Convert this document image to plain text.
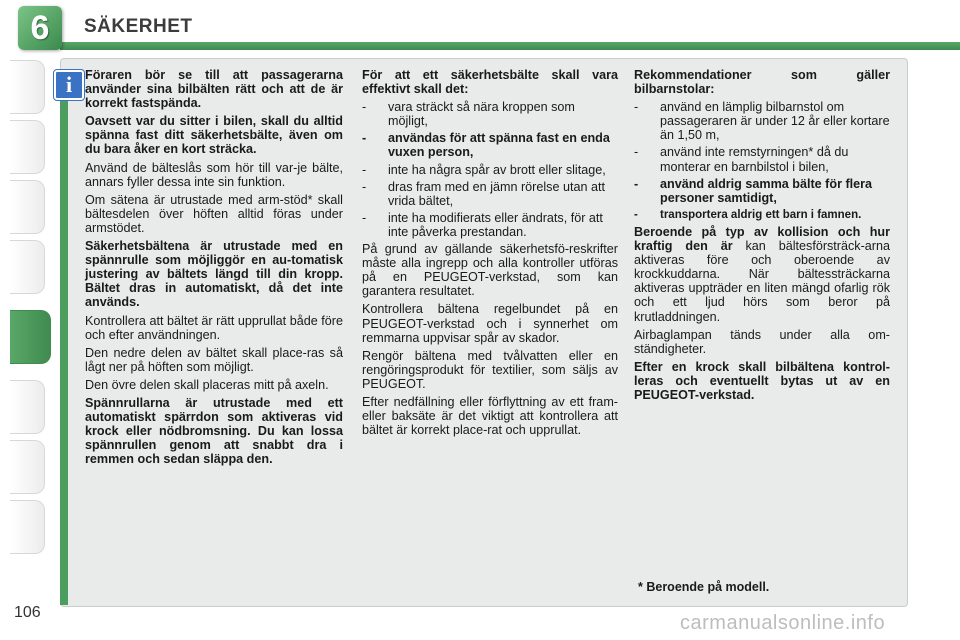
6	SÄKERHET
i	Föraren bör se till att passagerarna använder sina bilbälten rätt och att de är korrekt fastspända.

Oavsett var du sitter i bilen, skall du alltid spänna fast ditt säkerhetsbälte, även om du bara åker en kort sträcka.

Använd de bälteslås som hör till var-je bälte, annars fyller dessa inte sin funktion.

Om sätena är utrustade med arm-stöd* skall bältesdelen över höften alltid föras under armstödet.

Säkerhetsbältena är utrustade med en spännrulle som möjliggör en au-tomatisk justering av bältets längd till din kropp. Bältet dras in automatiskt, då det inte används.

Kontrollera att bältet är rätt upprullat både före och efter användningen.

Den nedre delen av bältet skall place-ras så lågt ner på höften som möjligt.

Den övre delen skall placeras mitt på axeln.

Spännrullarna är utrustade med ett automatiskt spärrdon som aktiveras vid krock eller nödbromsning. Du kan lossa spännrullen genom att snabbt dra i remmen och sedan släppa den.

För att ett säkerhetsbälte skall vara effektivt skall det:

-	vara sträckt så nära kroppen som möjligt,
-	användas för att spänna fast en enda vuxen person,
-	inte ha några spår av brott eller slitage,
-	dras fram med en jämn rörelse utan att vrida bältet,
-	inte ha modifierats eller ändrats, för att inte påverka prestandan.

På grund av gällande säkerhetsfö-reskrifter måste alla ingrepp och alla kontroller utföras på en PEUGEOT-verkstad, som kan garantera resultatet.

Kontrollera bältena regelbundet på en PEUGEOT-verkstad och i synnerhet om remmarna uppvisar spår av skador.

Rengör bältena med tvålvatten eller en rengöringsprodukt för textilier, som säljs av PEUGEOT.

Efter nedfällning eller förflyttning av ett fram- eller baksäte är det viktigt att kontrollera att bältet är korrekt place-rat och upprullat.

Rekommendationer som gäller bilbarnstolar:

-	använd en lämplig bilbarnstol om passageraren är under 12 år eller kortare än 1,50 m,
-	använd inte remstyrningen* då du monterar en barnbilstol i bilen,
-	använd aldrig samma bälte för flera personer samtidigt,
-	transportera aldrig ett barn i famnen.

Beroende på typ av kollision och hur kraftig den är kan bältesförsträck-arna aktiveras före och oberoende av krockkuddarna. När bältessträckarna aktiveras uppträder en liten mängd ofarlig rök och ett ljud hörs som beror på krutladdningen.

Airbaglampan tänds under alla om-ständigheter.

Efter en krock skall bilbältena kontrol-leras och eventuellt bytas ut av en PEUGEOT-verkstad.

* Beroende på modell.
106	carmanualsonline.info
